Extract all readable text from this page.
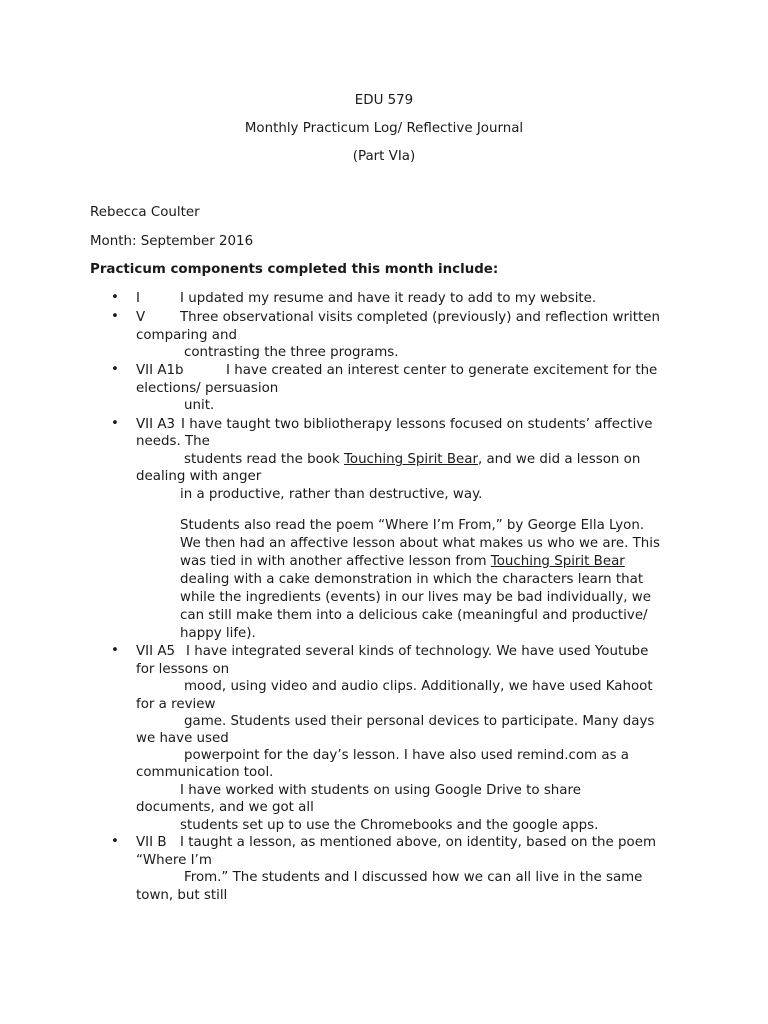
EDU 579
Monthly Practicum Log/ Reflective Journal
(Part VIa)
Rebecca Coulter
Month: September 2016
Practicum components completed this month include:
• I	I updated my resume and have it ready to add to my website.
• V	Three observational visits completed (previously) and reflection written
comparing and
contrasting the three programs.
• VII A1b	I have created an interest center to generate excitement for the
elections/ persuasion
unit.
• VII A3 I have taught two bibliotherapy lessons focused on students’ affective
needs. The
students read the book Touching Spirit Bear, and we did a lesson on
dealing with anger
in a productive, rather than destructive, way.
Students also read the poem “Where I’m From,” by George Ella Lyon.
We then had an affective lesson about what makes us who we are. This
was tied in with another affective lesson from Touching Spirit Bear
dealing with a cake demonstration in which the characters learn that
while the ingredients (events) in our lives may be bad individually, we
can still make them into a delicious cake (meaningful and productive/
happy life).
• VII A5 I have integrated several kinds of technology. We have used Youtube
for lessons on
mood, using video and audio clips. Additionally, we have used Kahoot
for a review
game. Students used their personal devices to participate. Many days
we have used
powerpoint for the day’s lesson. I have also used remind.com as a
communication tool.
I have worked with students on using Google Drive to share
documents, and we got all
students set up to use the Chromebooks and the google apps.
• VII B I taught a lesson, as mentioned above, on identity, based on the poem
“Where I’m
From.” The students and I discussed how we can all live in the same
town, but still
